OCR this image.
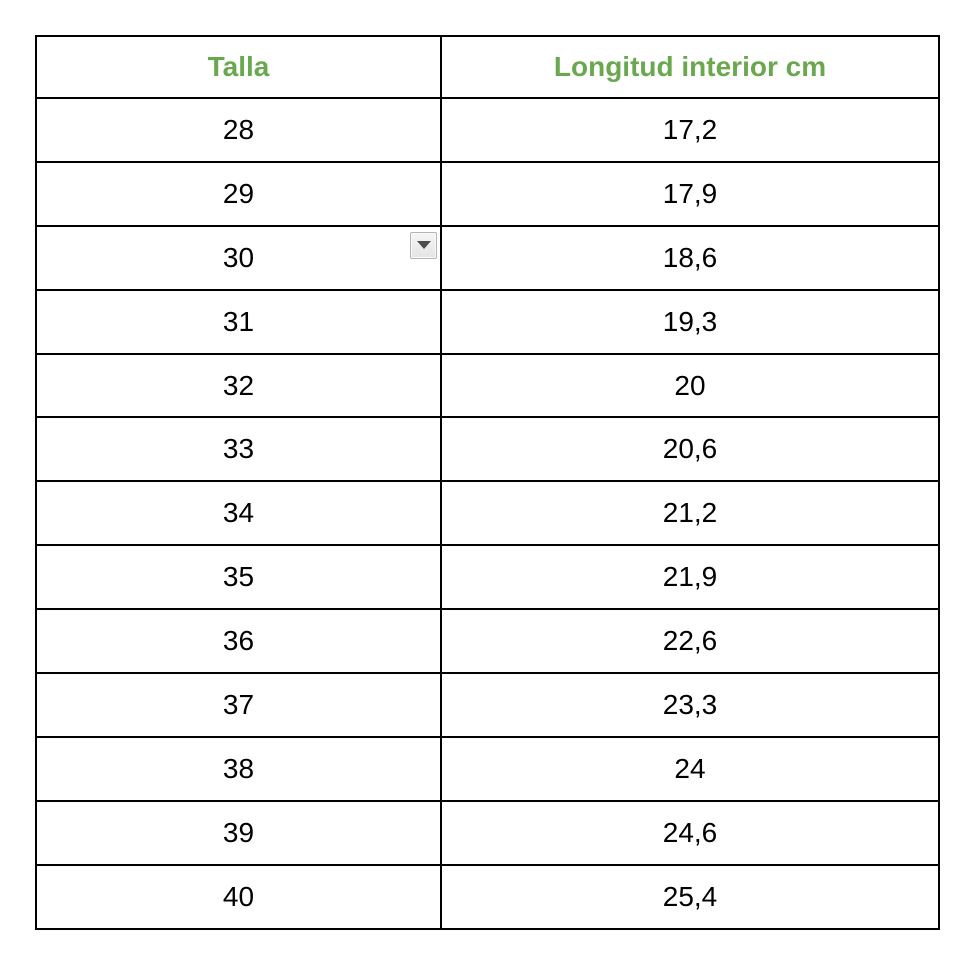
Talla	Longitud interior cm
28	17,2
29	17,9
30	18,6
31	19,3
32	20
33	20,6
34	21,2
35	21,9
36	22,6
37	23,3
38	24
39	24,6
40	25,4
